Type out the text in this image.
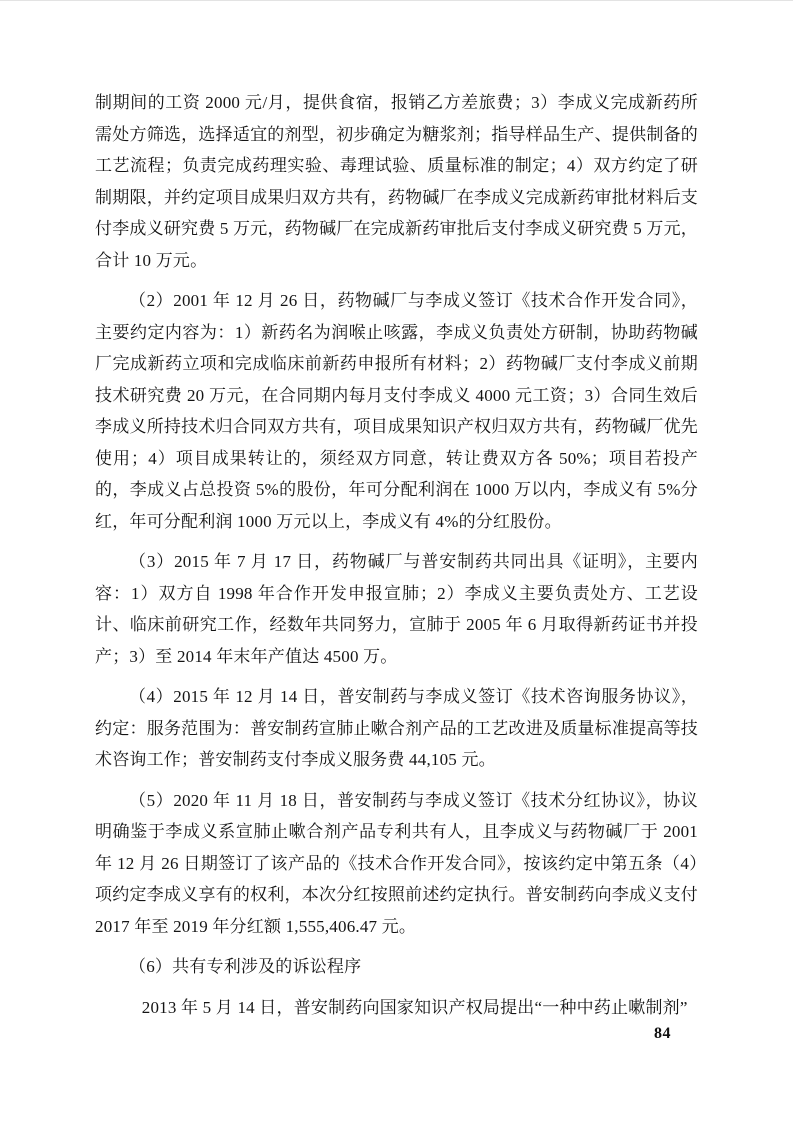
制期间的工资 2000 元/月，提供食宿，报销乙方差旅费；3）李成义完成新药所需处方筛选，选择适宜的剂型，初步确定为糖浆剂；指导样品生产、提供制备的工艺流程；负责完成药理实验、毒理试验、质量标准的制定；4）双方约定了研制期限，并约定项目成果归双方共有，药物碱厂在李成义完成新药审批材料后支付李成义研究费 5 万元，药物碱厂在完成新药审批后支付李成义研究费 5 万元，合计 10 万元。

（2）2001 年 12 月 26 日，药物碱厂与李成义签订《技术合作开发合同》，主要约定内容为：1）新药名为润喉止咳露，李成义负责处方研制，协助药物碱厂完成新药立项和完成临床前新药申报所有材料；2）药物碱厂支付李成义前期技术研究费 20 万元，在合同期内每月支付李成义 4000 元工资；3）合同生效后李成义所持技术归合同双方共有，项目成果知识产权归双方共有，药物碱厂优先使用；4）项目成果转让的，须经双方同意，转让费双方各 50%；项目若投产的，李成义占总投资 5%的股份，年可分配利润在 1000 万以内，李成义有 5%分红，年可分配利润 1000 万元以上，李成义有 4%的分红股份。

（3）2015 年 7 月 17 日，药物碱厂与普安制药共同出具《证明》，主要内容：1）双方自 1998 年合作开发申报宣肺；2）李成义主要负责处方、工艺设计、临床前研究工作，经数年共同努力，宣肺于 2005 年 6 月取得新药证书并投产；3）至 2014 年末年产值达 4500 万。

（4）2015 年 12 月 14 日，普安制药与李成义签订《技术咨询服务协议》，约定：服务范围为：普安制药宣肺止嗽合剂产品的工艺改进及质量标准提高等技术咨询工作；普安制药支付李成义服务费 44,105 元。

（5）2020 年 11 月 18 日，普安制药与李成义签订《技术分红协议》，协议明确鉴于李成义系宣肺止嗽合剂产品专利共有人，且李成义与药物碱厂于 2001 年 12 月 26 日期签订了该产品的《技术合作开发合同》，按该约定中第五条（4）项约定李成义享有的权利，本次分红按照前述约定执行。普安制药向李成义支付 2017 年至 2019 年分红额 1,555,406.47 元。

（6）共有专利涉及的诉讼程序

2013 年 5 月 14 日，普安制药向国家知识产权局提出“一种中药止嗽制剂”

84
